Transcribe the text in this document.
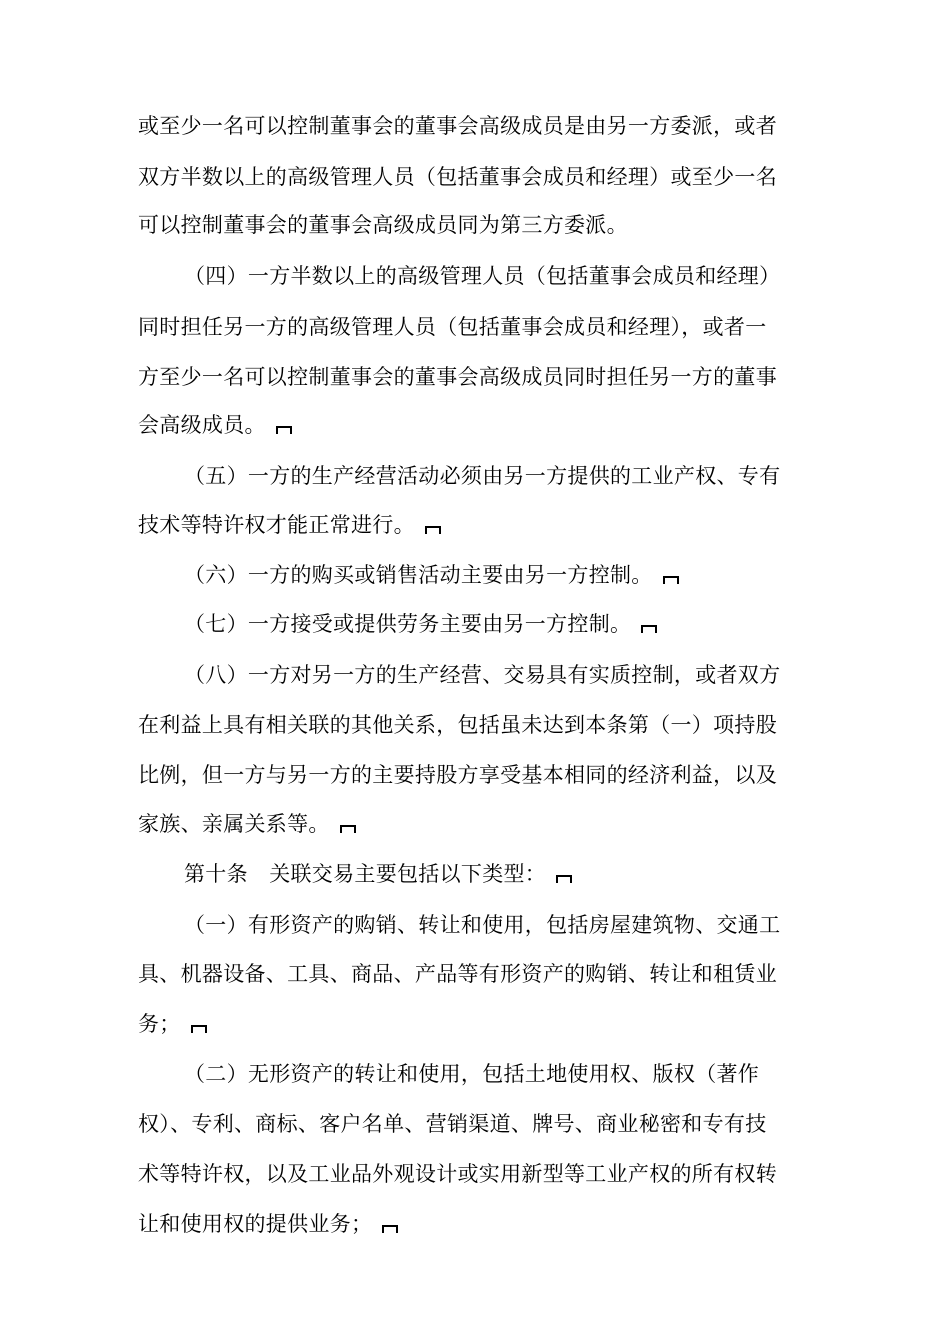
或至少一名可以控制董事会的董事会高级成员是由另一方委派，或者
双方半数以上的高级管理人员（包括董事会成员和经理）或至少一名
可以控制董事会的董事会高级成员同为第三方委派。
（四）一方半数以上的高级管理人员（包括董事会成员和经理）
同时担任另一方的高级管理人员（包括董事会成员和经理），或者一
方至少一名可以控制董事会的董事会高级成员同时担任另一方的董事
会高级成员。
（五）一方的生产经营活动必须由另一方提供的工业产权、专有
技术等特许权才能正常进行。
（六）一方的购买或销售活动主要由另一方控制。
（七）一方接受或提供劳务主要由另一方控制。
（八）一方对另一方的生产经营、交易具有实质控制，或者双方
在利益上具有相关联的其他关系，包括虽未达到本条第（一）项持股
比例，但一方与另一方的主要持股方享受基本相同的经济利益，以及
家族、亲属关系等。
第十条　关联交易主要包括以下类型：
（一）有形资产的购销、转让和使用，包括房屋建筑物、交通工
具、机器设备、工具、商品、产品等有形资产的购销、转让和租赁业
务；
（二）无形资产的转让和使用，包括土地使用权、版权（著作
权）、专利、商标、客户名单、营销渠道、牌号、商业秘密和专有技
术等特许权，以及工业品外观设计或实用新型等工业产权的所有权转
让和使用权的提供业务；
